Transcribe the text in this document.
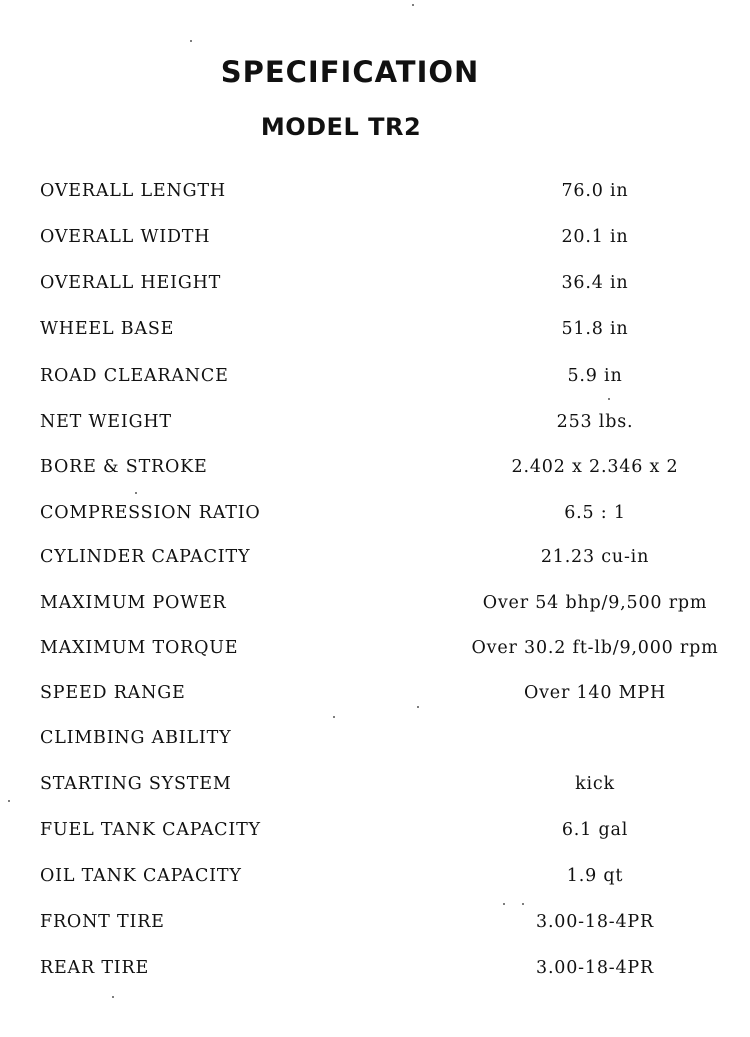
SPECIFICATION
MODEL TR2
OVERALL LENGTH	76.0 in
OVERALL WIDTH	20.1 in
OVERALL HEIGHT	36.4 in
WHEEL BASE	51.8 in
ROAD CLEARANCE	5.9 in
NET WEIGHT	253 lbs.
BORE & STROKE	2.402 x 2.346 x 2
COMPRESSION RATIO	6.5 : 1
CYLINDER CAPACITY	21.23 cu-in
MAXIMUM POWER	Over 54 bhp/9,500 rpm
MAXIMUM TORQUE	Over 30.2 ft-lb/9,000 rpm
SPEED RANGE	Over 140 MPH
CLIMBING ABILITY
STARTING SYSTEM	kick
FUEL TANK CAPACITY	6.1 gal
OIL TANK CAPACITY	1.9 qt
FRONT TIRE	3.00-18-4PR
REAR TIRE	3.00-18-4PR
